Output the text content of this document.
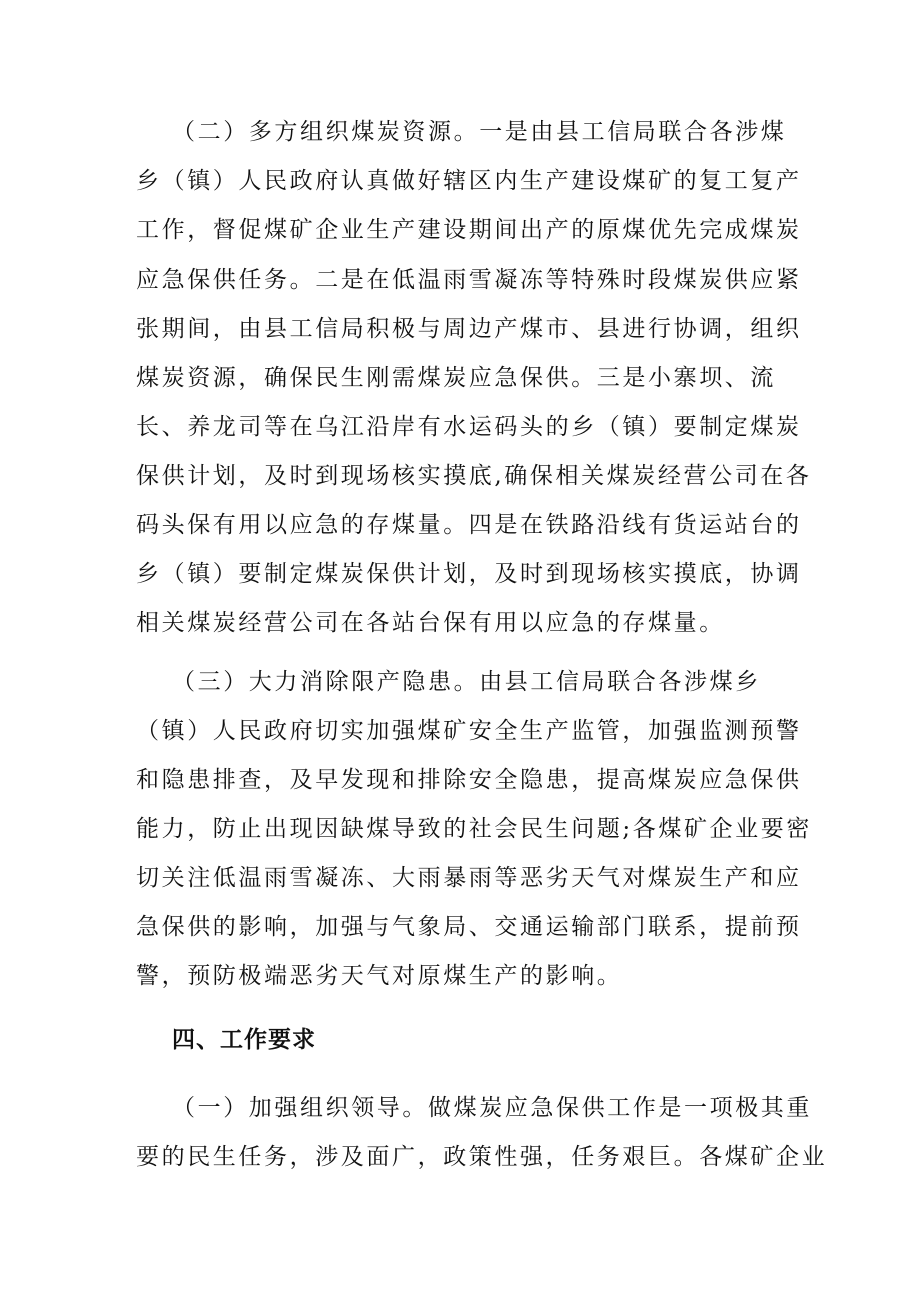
（二）多方组织煤炭资源。一是由县工信局联合各涉煤
乡（镇）人民政府认真做好辖区内生产建设煤矿的复工复产
工作，督促煤矿企业生产建设期间出产的原煤优先完成煤炭
应急保供任务。二是在低温雨雪凝冻等特殊时段煤炭供应紧
张期间，由县工信局积极与周边产煤市、县进行协调，组织
煤炭资源，确保民生刚需煤炭应急保供。三是小寨坝、流
长、养龙司等在乌江沿岸有水运码头的乡（镇）要制定煤炭
保供计划，及时到现场核实摸底,确保相关煤炭经营公司在各
码头保有用以应急的存煤量。四是在铁路沿线有货运站台的
乡（镇）要制定煤炭保供计划，及时到现场核实摸底，协调
相关煤炭经营公司在各站台保有用以应急的存煤量。
（三）大力消除限产隐患。由县工信局联合各涉煤乡
（镇）人民政府切实加强煤矿安全生产监管，加强监测预警
和隐患排查，及早发现和排除安全隐患，提高煤炭应急保供
能力，防止出现因缺煤导致的社会民生问题;各煤矿企业要密
切关注低温雨雪凝冻、大雨暴雨等恶劣天气对煤炭生产和应
急保供的影响，加强与气象局、交通运输部门联系，提前预
警，预防极端恶劣天气对原煤生产的影响。
四、工作要求
（一）加强组织领导。做煤炭应急保供工作是一项极其重
要的民生任务，涉及面广，政策性强，任务艰巨。各煤矿企业
